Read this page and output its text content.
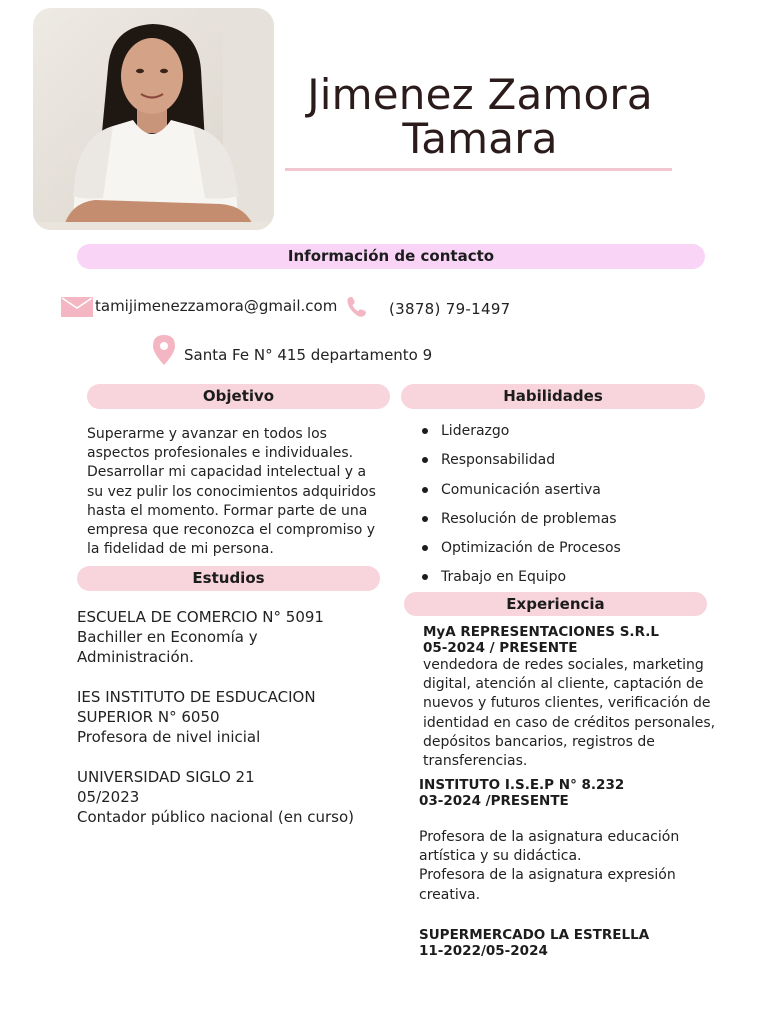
Jimenez Zamora
Tamara
Información de contacto
tamijimenezzamora@gmail.com	(3878) 79-1497
Santa Fe N° 415 departamento 9
Objetivo
Superarme y avanzar en todos los
aspectos profesionales e individuales.
Desarrollar mi capacidad intelectual y a
su vez pulir los conocimientos adquiridos
hasta el momento. Formar parte de una
empresa que reconozca el compromiso y
la fidelidad de mi persona.
Habilidades
Liderazgo
Responsabilidad
Comunicación asertiva
Resolución de problemas
Optimización de Procesos
Trabajo en Equipo
Estudios
ESCUELA DE COMERCIO N° 5091
Bachiller en Economía y
Administración.
IES INSTITUTO DE ESDUCACION
SUPERIOR N° 6050
Profesora de nivel inicial
UNIVERSIDAD SIGLO 21
05/2023
Contador público nacional (en curso)
Experiencia
MyA REPRESENTACIONES S.R.L
05-2024 / PRESENTE
vendedora de redes sociales, marketing
digital, atención al cliente, captación de
nuevos y futuros clientes, verificación de
identidad en caso de créditos personales,
depósitos bancarios, registros de
transferencias.
INSTITUTO I.S.E.P N° 8.232
03-2024 /PRESENTE
Profesora de la asignatura educación
artística y su didáctica.
Profesora de la asignatura expresión
creativa.
SUPERMERCADO LA ESTRELLA
11-2022/05-2024
